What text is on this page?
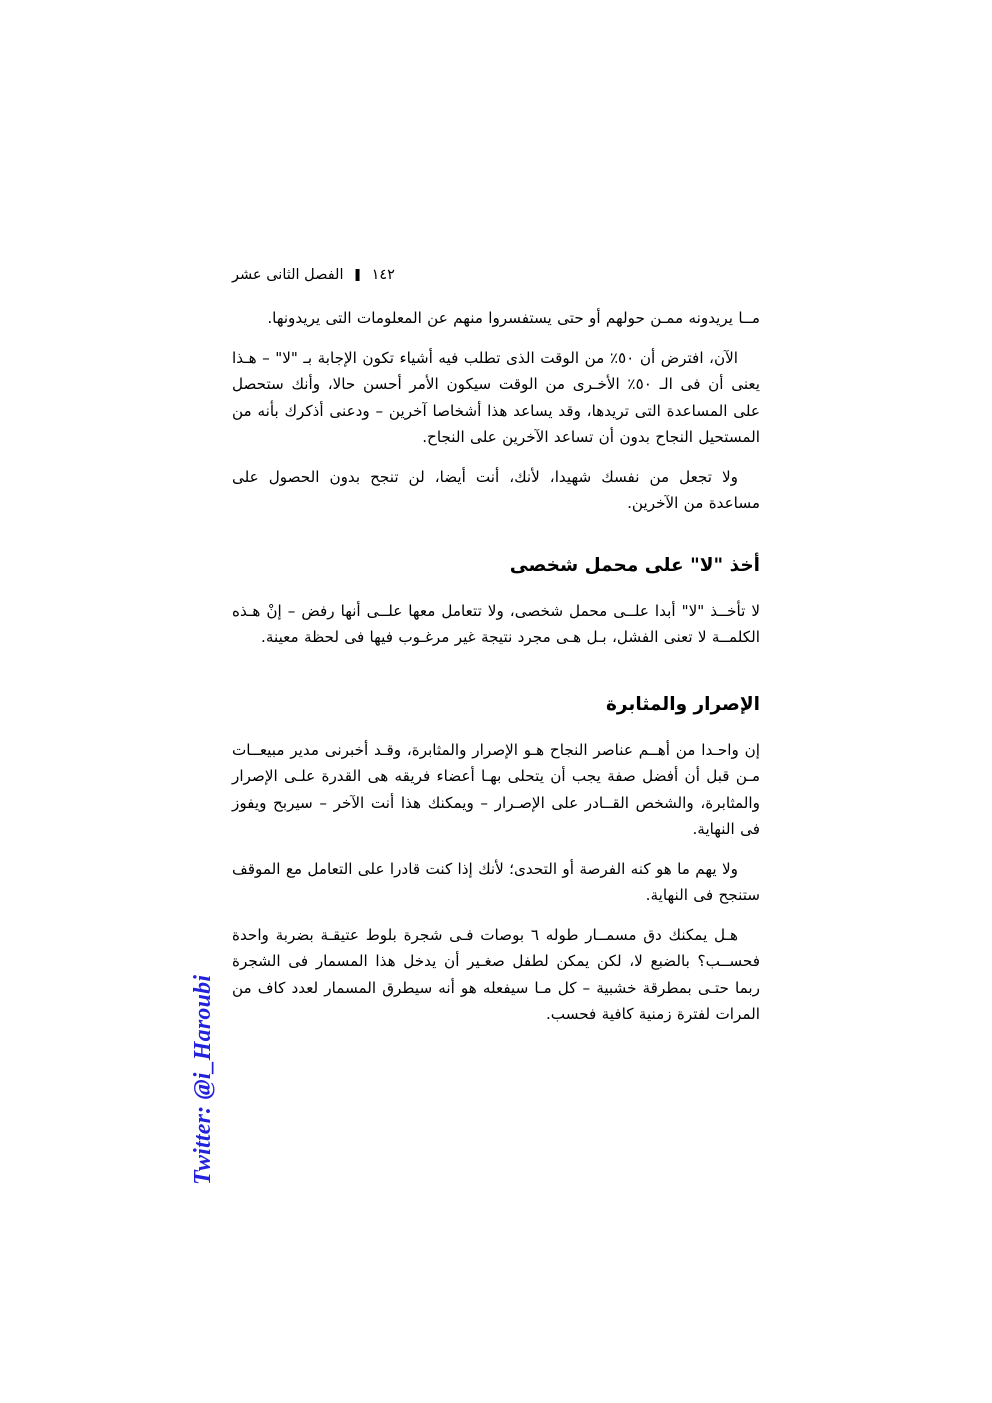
١٤٢
❚
الفصل الثانى عشر

مــا يريدونه ممـن حولهم أو حتى يستفسروا منهم عن المعلومات التى يريدونها.

الآن، افترض أن ٥٠٪ من الوقت الذى تطلب فيه أشياء تكون الإجابة بـ "لا" – هـذا يعنى أن فى الـ ٥٠٪ الأخـرى من الوقت سيكون الأمر أحسن حالا، وأنك ستحصل على المساعدة التى تريدها، وقد يساعد هذا أشخاصا آخرين – ودعنى أذكرك بأنه من المستحيل النجاح بدون أن تساعد الآخرين على النجاح.

ولا تجعل من نفسك شهيدا، لأنك، أنت أيضا، لن تنجح بدون الحصول على مساعدة من الآخرين.

أخذ "لا" على محمل شخصى

لا تأخــذ "لا" أبدا علــى محمل شخصى، ولا تتعامل معها علــى أنها رفض – إنْ هـذه الكلمــة لا تعنى الفشل، بـل هـى مجرد نتيجة غير مرغـوب فيها فى لحظة معينة.

الإصرار والمثابرة

إن واحـدا من أهــم عناصر النجاح هـو الإصرار والمثابرة، وقـد أخبرنى مدير مبيعــات مـن قبل أن أفضل صفة يجب أن يتحلى بهـا أعضاء فريقه هى القدرة علـى الإصرار والمثابرة، والشخص القــادر على الإصـرار – ويمكنك هذا أنت الآخر – سيربح ويفوز فى النهاية.

ولا يهم ما هو كنه الفرصة أو التحدى؛ لأنك إذا كنت قادرا على التعامل مع الموقف ستنجح فى النهاية.

هـل يمكنك دق مسمــار طوله ٦ بوصات فـى شجرة بلوط عتيقـة بضربة واحدة فحســب؟ بالضبع لا، لكن يمكن لطفل صغـير أن يدخل هذا المسمار فى الشجرة ربما حتـى بمطرقة خشبية – كل مـا سيفعله هو أنه سيطرق المسمار لعدد كاف من المرات لفترة زمنية كافية فحسب.

Twitter: @i_Haroubi
